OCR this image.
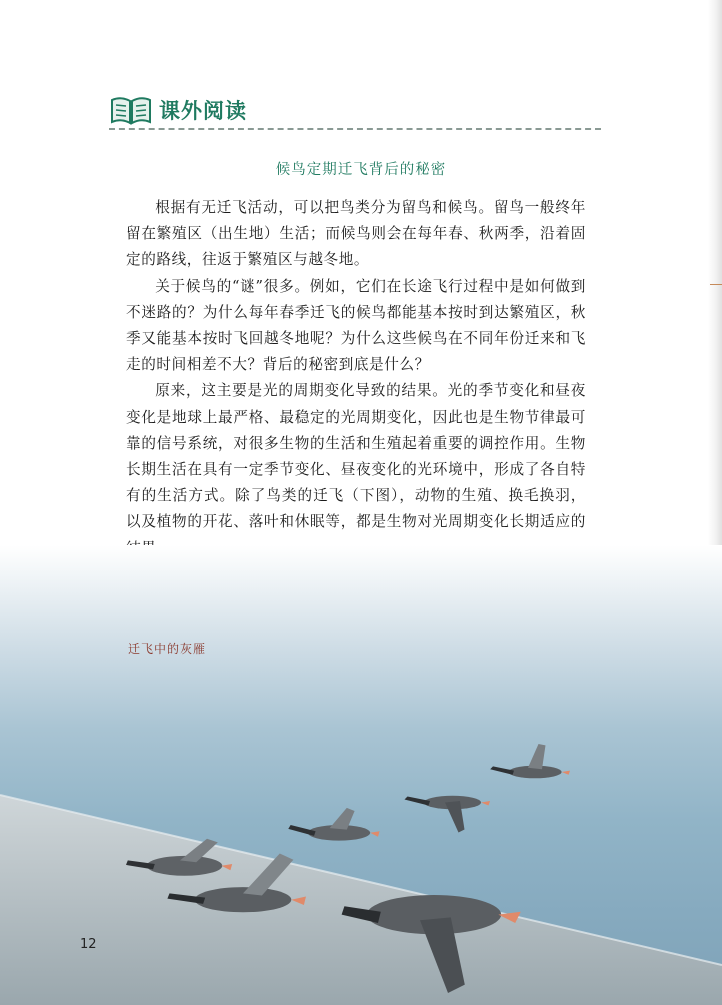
课外阅读
候鸟定期迁飞背后的秘密

根据有无迁飞活动，可以把鸟类分为留鸟和候鸟。留鸟一般终年留在繁殖区（出生地）生活；而候鸟则会在每年春、秋两季，沿着固定的路线，往返于繁殖区与越冬地。

关于候鸟的“谜”很多。例如，它们在长途飞行过程中是如何做到不迷路的？为什么每年春季迁飞的候鸟都能基本按时到达繁殖区，秋季又能基本按时飞回越冬地呢？为什么这些候鸟在不同年份迁来和飞走的时间相差不大？背后的秘密到底是什么？

原来，这主要是光的周期变化导致的结果。光的季节变化和昼夜变化是地球上最严格、最稳定的光周期变化，因此也是生物节律最可靠的信号系统，对很多生物的生活和生殖起着重要的调控作用。生物长期生活在具有一定季节变化、昼夜变化的光环境中，形成了各自特有的生活方式。除了鸟类的迁飞（下图），动物的生殖、换毛换羽，以及植物的开花、落叶和休眠等，都是生物对光周期变化长期适应的

迁飞中的灰雁
12
